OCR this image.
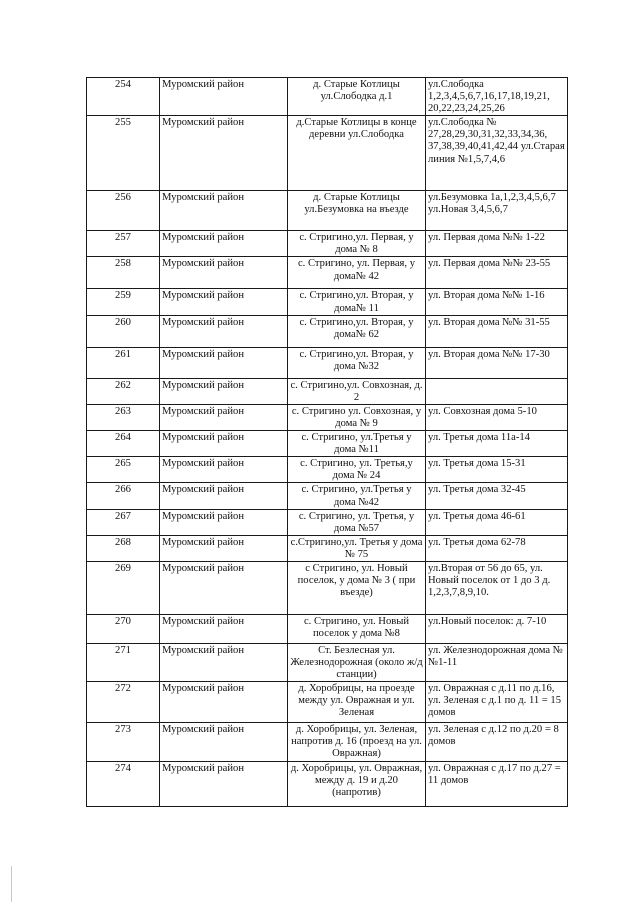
254	Муромский район	д. Старые Котлицы ул.Слободка д.1	ул.Слободка 1,2,3,4,5,6,7,16,17,18,19,21, 20,22,23,24,25,26
255	Муромский район	д.Старые Котлицы в конце деревни ул.Слободка	ул.Слободка № 27,28,29,30,31,32,33,34,36, 37,38,39,40,41,42,44 ул.Старая линия №1,5,7,4,6
256	Муромский район	д. Старые Котлицы ул.Безумовка на въезде	ул.Безумовка 1а,1,2,3,4,5,6,7 ул.Новая 3,4,5,6,7
257	Муромский район	с. Стригино,ул. Первая, у дома № 8	ул. Первая дома №№ 1-22
258	Муромский район	с. Стригино, ул. Первая, у дома№ 42	ул. Первая дома №№ 23-55
259	Муромский район	с. Стригино,ул. Вторая, у дома№ 11	ул. Вторая дома №№ 1-16
260	Муромский район	с. Стригино,ул. Вторая, у дома№ 62	ул. Вторая дома №№ 31-55
261	Муромский район	с. Стригино,ул. Вторая, у дома №32	ул. Вторая дома №№ 17-30
262	Муромский район	с. Стригино,ул. Совхозная, д. 2	
263	Муромский район	с. Стригино ул. Совхозная, у дома № 9	ул. Совхозная дома 5-10
264	Муромский район	с. Стригино, ул.Третья у дома №11	ул. Третья дома 11а-14
265	Муромский район	с. Стригино, ул. Третья,у дома № 24	ул. Третья дома 15-31
266	Муромский район	с. Стригино, ул.Третья у дома №42	ул. Третья дома 32-45
267	Муромский район	с. Стригино, ул. Третья, у дома №57	ул. Третья дома 46-61
268	Муромский район	с.Стригино,ул. Третья у дома № 75	ул. Третья дома 62-78
269	Муромский район	с Стригино, ул. Новый поселок, у дома № 3 ( при въезде)	ул.Вторая от 56 до 65, ул. Новый поселок от 1 до 3 д. 1,2,3,7,8,9,10.
270	Муромский район	с. Стригино, ул. Новый поселок у дома №8	ул.Новый поселок: д. 7-10
271	Муромский район	Ст. Безлесная ул. Железнодорожная (около ж/д станции)	ул. Железнодорожная дома №№1-11
272	Муромский район	д. Хоробрицы, на проезде между ул. Овражная и ул. Зеленая	ул. Овражная с д.11 по д.16, ул. Зеленая с д.1 по д. 11 = 15 домов
273	Муромский район	д. Хоробрицы, ул. Зеленая, напротив д. 16 (проезд на ул. Овражная)	ул. Зеленая с д.12 по д.20 = 8 домов
274	Муромский район	д. Хоробрицы, ул. Овражная, между д. 19 и д.20 (напротив)	ул. Овражная с д.17 по д.27 = 11 домов
